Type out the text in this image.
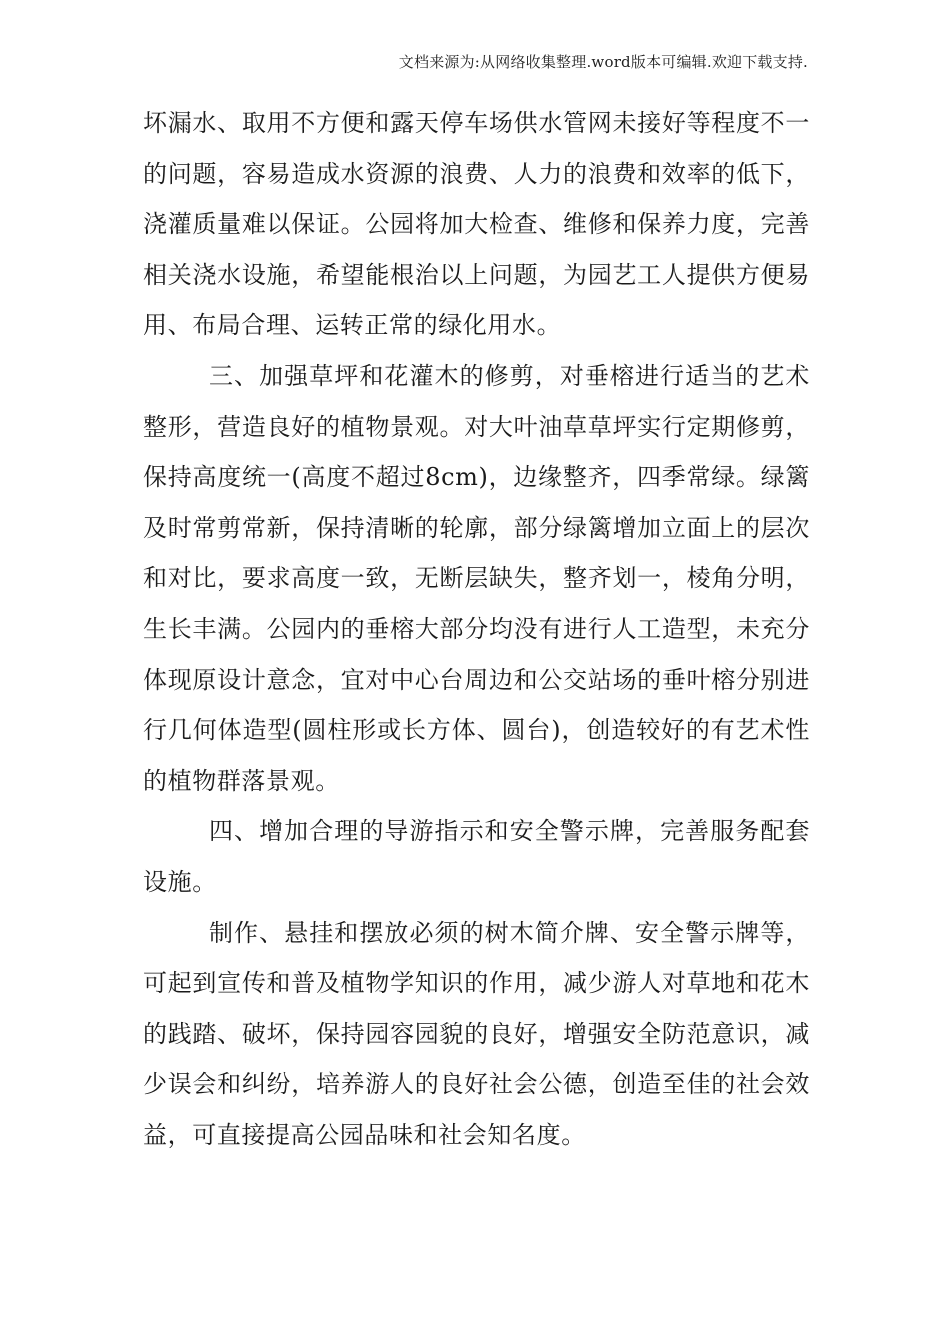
文档来源为:从网络收集整理.word版本可编辑.欢迎下载支持.

坏漏水、取用不方便和露天停车场供水管网未接好等程度不一的问题，容易造成水资源的浪费、人力的浪费和效率的低下，浇灌质量难以保证。公园将加大检查、维修和保养力度，完善相关浇水设施，希望能根治以上问题，为园艺工人提供方便易用、布局合理、运转正常的绿化用水。

三、加强草坪和花灌木的修剪，对垂榕进行适当的艺术整形，营造良好的植物景观。对大叶油草草坪实行定期修剪，保持高度统一(高度不超过8cm)，边缘整齐，四季常绿。绿篱及时常剪常新，保持清晰的轮廓，部分绿篱增加立面上的层次和对比，要求高度一致，无断层缺失，整齐划一，棱角分明，生长丰满。公园内的垂榕大部分均没有进行人工造型，未充分体现原设计意念，宜对中心台周边和公交站场的垂叶榕分别进行几何体造型(圆柱形或长方体、圆台)，创造较好的有艺术性的植物群落景观。

四、增加合理的导游指示和安全警示牌，完善服务配套设施。

制作、悬挂和摆放必须的树木简介牌、安全警示牌等，可起到宣传和普及植物学知识的作用，减少游人对草地和花木的践踏、破坏，保持园容园貌的良好，增强安全防范意识，减少误会和纠纷，培养游人的良好社会公德，创造至佳的社会效益，可直接提高公园品味和社会知名度。
